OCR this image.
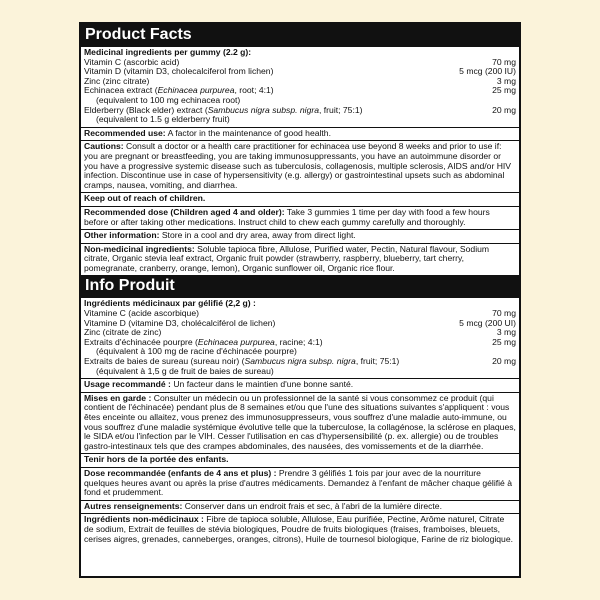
Product Facts
Medicinal ingredients per gummy (2.2 g):
Vitamin C (ascorbic acid)	70 mg
Vitamin D (vitamin D3, cholecalciferol from lichen)	5 mcg (200 IU)
Zinc (zinc citrate)	3 mg
Echinacea extract (Echinacea purpurea, root; 4:1)	25 mg
(equivalent to 100 mg echinacea root)
Elderberry (Black elder) extract (Sambucus nigra subsp. nigra, fruit; 75:1)	20 mg
(equivalent to 1.5 g elderberry fruit)
Recommended use: A factor in the maintenance of good health.
Cautions: Consult a doctor or a health care practitioner for echinacea use beyond 8 weeks and prior to use if: you are pregnant or breastfeeding, you are taking immunosuppressants, you have an autoimmune disorder or you have a progressive systemic disease such as tuberculosis, collagenosis, multiple sclerosis, AIDS and/or HIV infection. Discontinue use in case of hypersensitivity (e.g. allergy) or gastrointestinal upsets such as abdominal cramps, nausea, vomiting, and diarrhea.
Keep out of reach of children.
Recommended dose (Children aged 4 and older): Take 3 gummies 1 time per day with food a few hours before or after taking other medications. Instruct child to chew each gummy carefully and thoroughly.
Other information: Store in a cool and dry area, away from direct light.
Non-medicinal ingredients: Soluble tapioca fibre, Allulose, Purified water, Pectin, Natural flavour, Sodium citrate, Organic stevia leaf extract, Organic fruit powder (strawberry, raspberry, blueberry, tart cherry, pomegranate, cranberry, orange, lemon), Organic sunflower oil, Organic rice flour.
Info Produit
Ingrédients médicinaux par gélifié (2,2 g) :
Vitamine C (acide ascorbique)	70 mg
Vitamine D (vitamine D3, cholécalciférol de lichen)	5 mcg (200 UI)
Zinc (citrate de zinc)	3 mg
Extraits d'échinacée pourpre (Echinacea purpurea, racine; 4:1)	25 mg
(équivalent à 100 mg de racine d'échinacée pourpre)
Extraits de baies de sureau (sureau noir) (Sambucus nigra subsp. nigra, fruit; 75:1)	20 mg
(équivalent à 1,5 g de fruit de baies de sureau)
Usage recommandé : Un facteur dans le maintien d'une bonne santé.
Mises en garde : Consulter un médecin ou un professionnel de la santé si vous consommez ce produit (qui contient de l'échinacée) pendant plus de 8 semaines et/ou que l'une des situations suivantes s'appliquent : vous êtes enceinte ou allaitez, vous prenez des immunosuppresseurs, vous souffrez d'une maladie auto-immune, ou vous souffrez d'une maladie systémique évolutive telle que la tuberculose, la collagénose, la sclérose en plaques, le SIDA et/ou l'infection par le VIH. Cesser l'utilisation en cas d'hypersensibilité (p. ex. allergie) ou de troubles gastro-intestinaux tels que des crampes abdominales, des nausées, des vomissements et de la diarrhée.
Tenir hors de la portée des enfants.
Dose recommandée (enfants de 4 ans et plus) : Prendre 3 gélifiés 1 fois par jour avec de la nourriture quelques heures avant ou après la prise d'autres médicaments. Demandez à l'enfant de mâcher chaque gélifié à fond et prudemment.
Autres renseignements: Conserver dans un endroit frais et sec, à l'abri de la lumière directe.
Ingrédients non-médicinaux : Fibre de tapioca soluble, Allulose, Eau purifiée, Pectine, Arôme naturel, Citrate de sodium, Extrait de feuilles de stévia biologiques, Poudre de fruits biologiques (fraises, framboises, bleuets, cerises aigres, grenades, canneberges, oranges, citrons), Huile de tournesol biologique, Farine de riz biologique.
